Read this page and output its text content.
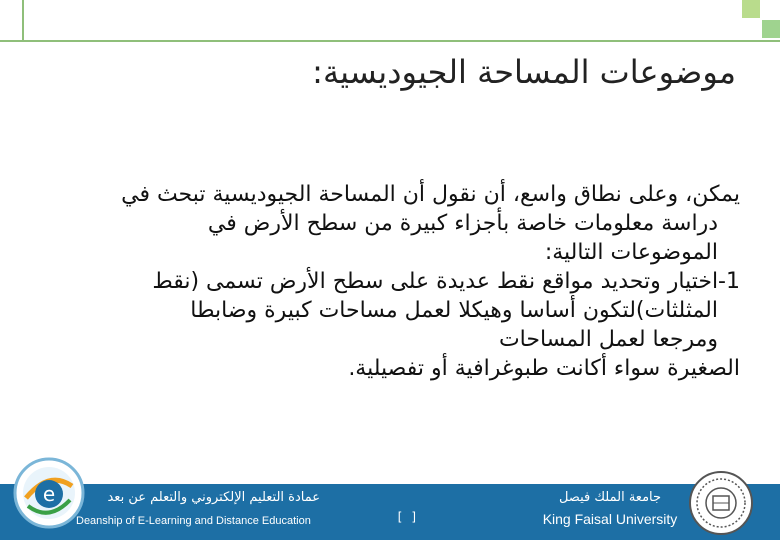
موضوعات المساحة الجيوديسية:

يمكن، وعلى نطاق واسع، أن نقول أن المساحة الجيوديسية تبحث في

دراسة معلومات خاصة بأجزاء كبيرة من سطح الأرض في

الموضوعات التالية:

1-اختيار وتحديد مواقع نقط عديدة على سطح الأرض تسمى (نقط

المثلثات)لتكون أساسا وهيكلا لعمل مساحات كبيرة وضابطا

ومرجعا لعمل المساحات

الصغيرة سواء أكانت طبوغرافية أو تفصيلية.

عمادة التعليم الإلكتروني والتعلم عن بعد
Deanship of E-Learning and Distance Education	[ ]
جامعة الملك فيصل
King Faisal University
e
